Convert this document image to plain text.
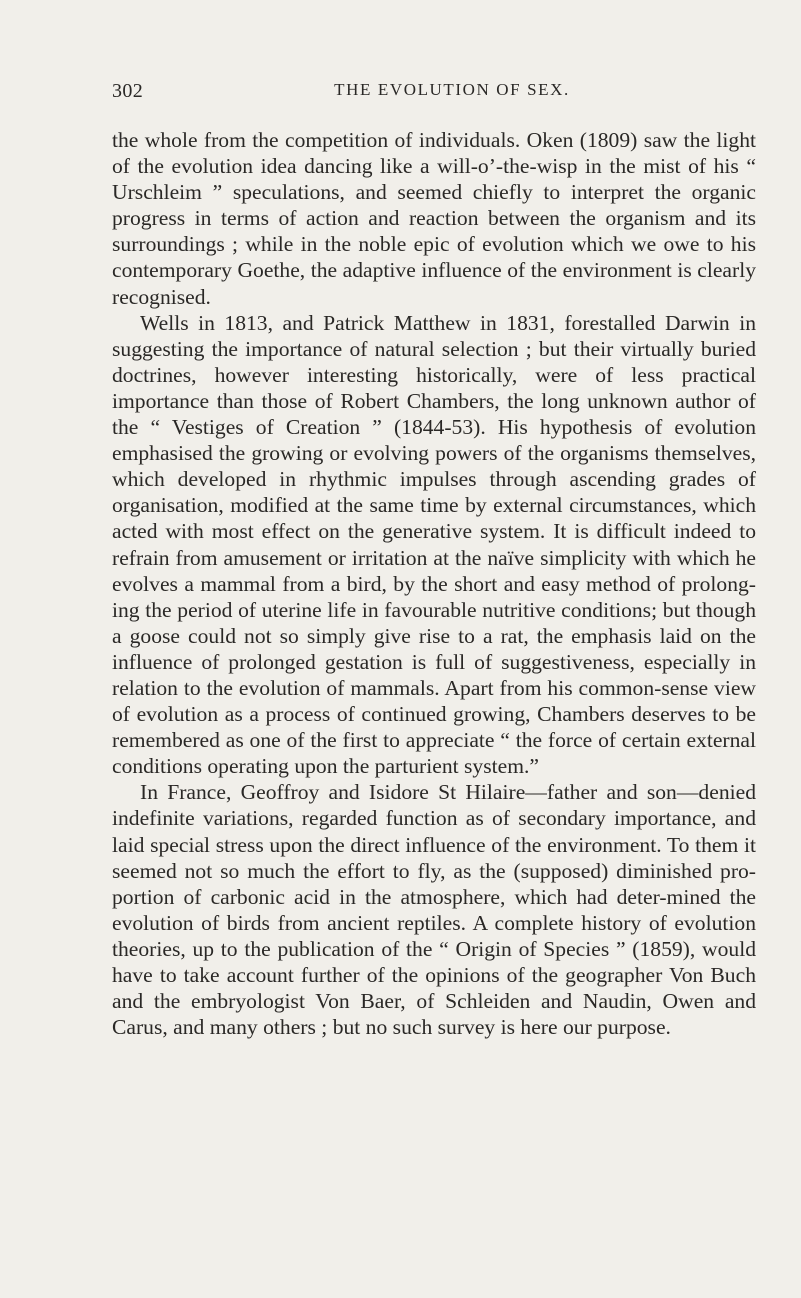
302	THE EVOLUTION OF SEX.

the whole from the competition of individuals. Oken (1809) saw the light of the evolution idea dancing like a will-o’-the-wisp in the mist of his “ Urschleim ” speculations, and seemed chiefly to interpret the organic progress in terms of action and reaction between the organism and its surroundings ; while in the noble epic of evolution which we owe to his contemporary Goethe, the adaptive influence of the environment is clearly recognised.

Wells in 1813, and Patrick Matthew in 1831, forestalled Darwin in suggesting the importance of natural selection ; but their virtually buried doctrines, however interesting historically, were of less practical importance than those of Robert Chambers, the long unknown author of the “ Vestiges of Creation ” (1844-53). His hypothesis of evolution emphasised the growing or evolving powers of the organisms themselves, which developed in rhythmic impulses through ascending grades of organisation, modified at the same time by external circumstances, which acted with most effect on the generative system. It is difficult indeed to refrain from amusement or irritation at the naïve simplicity with which he evolves a mammal from a bird, by the short and easy method of prolong-ing the period of uterine life in favourable nutritive conditions; but though a goose could not so simply give rise to a rat, the emphasis laid on the influence of prolonged gestation is full of suggestiveness, especially in relation to the evolution of mammals. Apart from his common-sense view of evolution as a process of continued growing, Chambers deserves to be remembered as one of the first to appreciate “ the force of certain external conditions operating upon the parturient system.”

In France, Geoffroy and Isidore St Hilaire—father and son—denied indefinite variations, regarded function as of secondary importance, and laid special stress upon the direct influence of the environment. To them it seemed not so much the effort to fly, as the (supposed) diminished pro-portion of carbonic acid in the atmosphere, which had deter-mined the evolution of birds from ancient reptiles. A complete history of evolution theories, up to the publication of the “ Origin of Species ” (1859), would have to take account further of the opinions of the geographer Von Buch and the embryologist Von Baer, of Schleiden and Naudin, Owen and Carus, and many others ; but no such survey is here our purpose.
